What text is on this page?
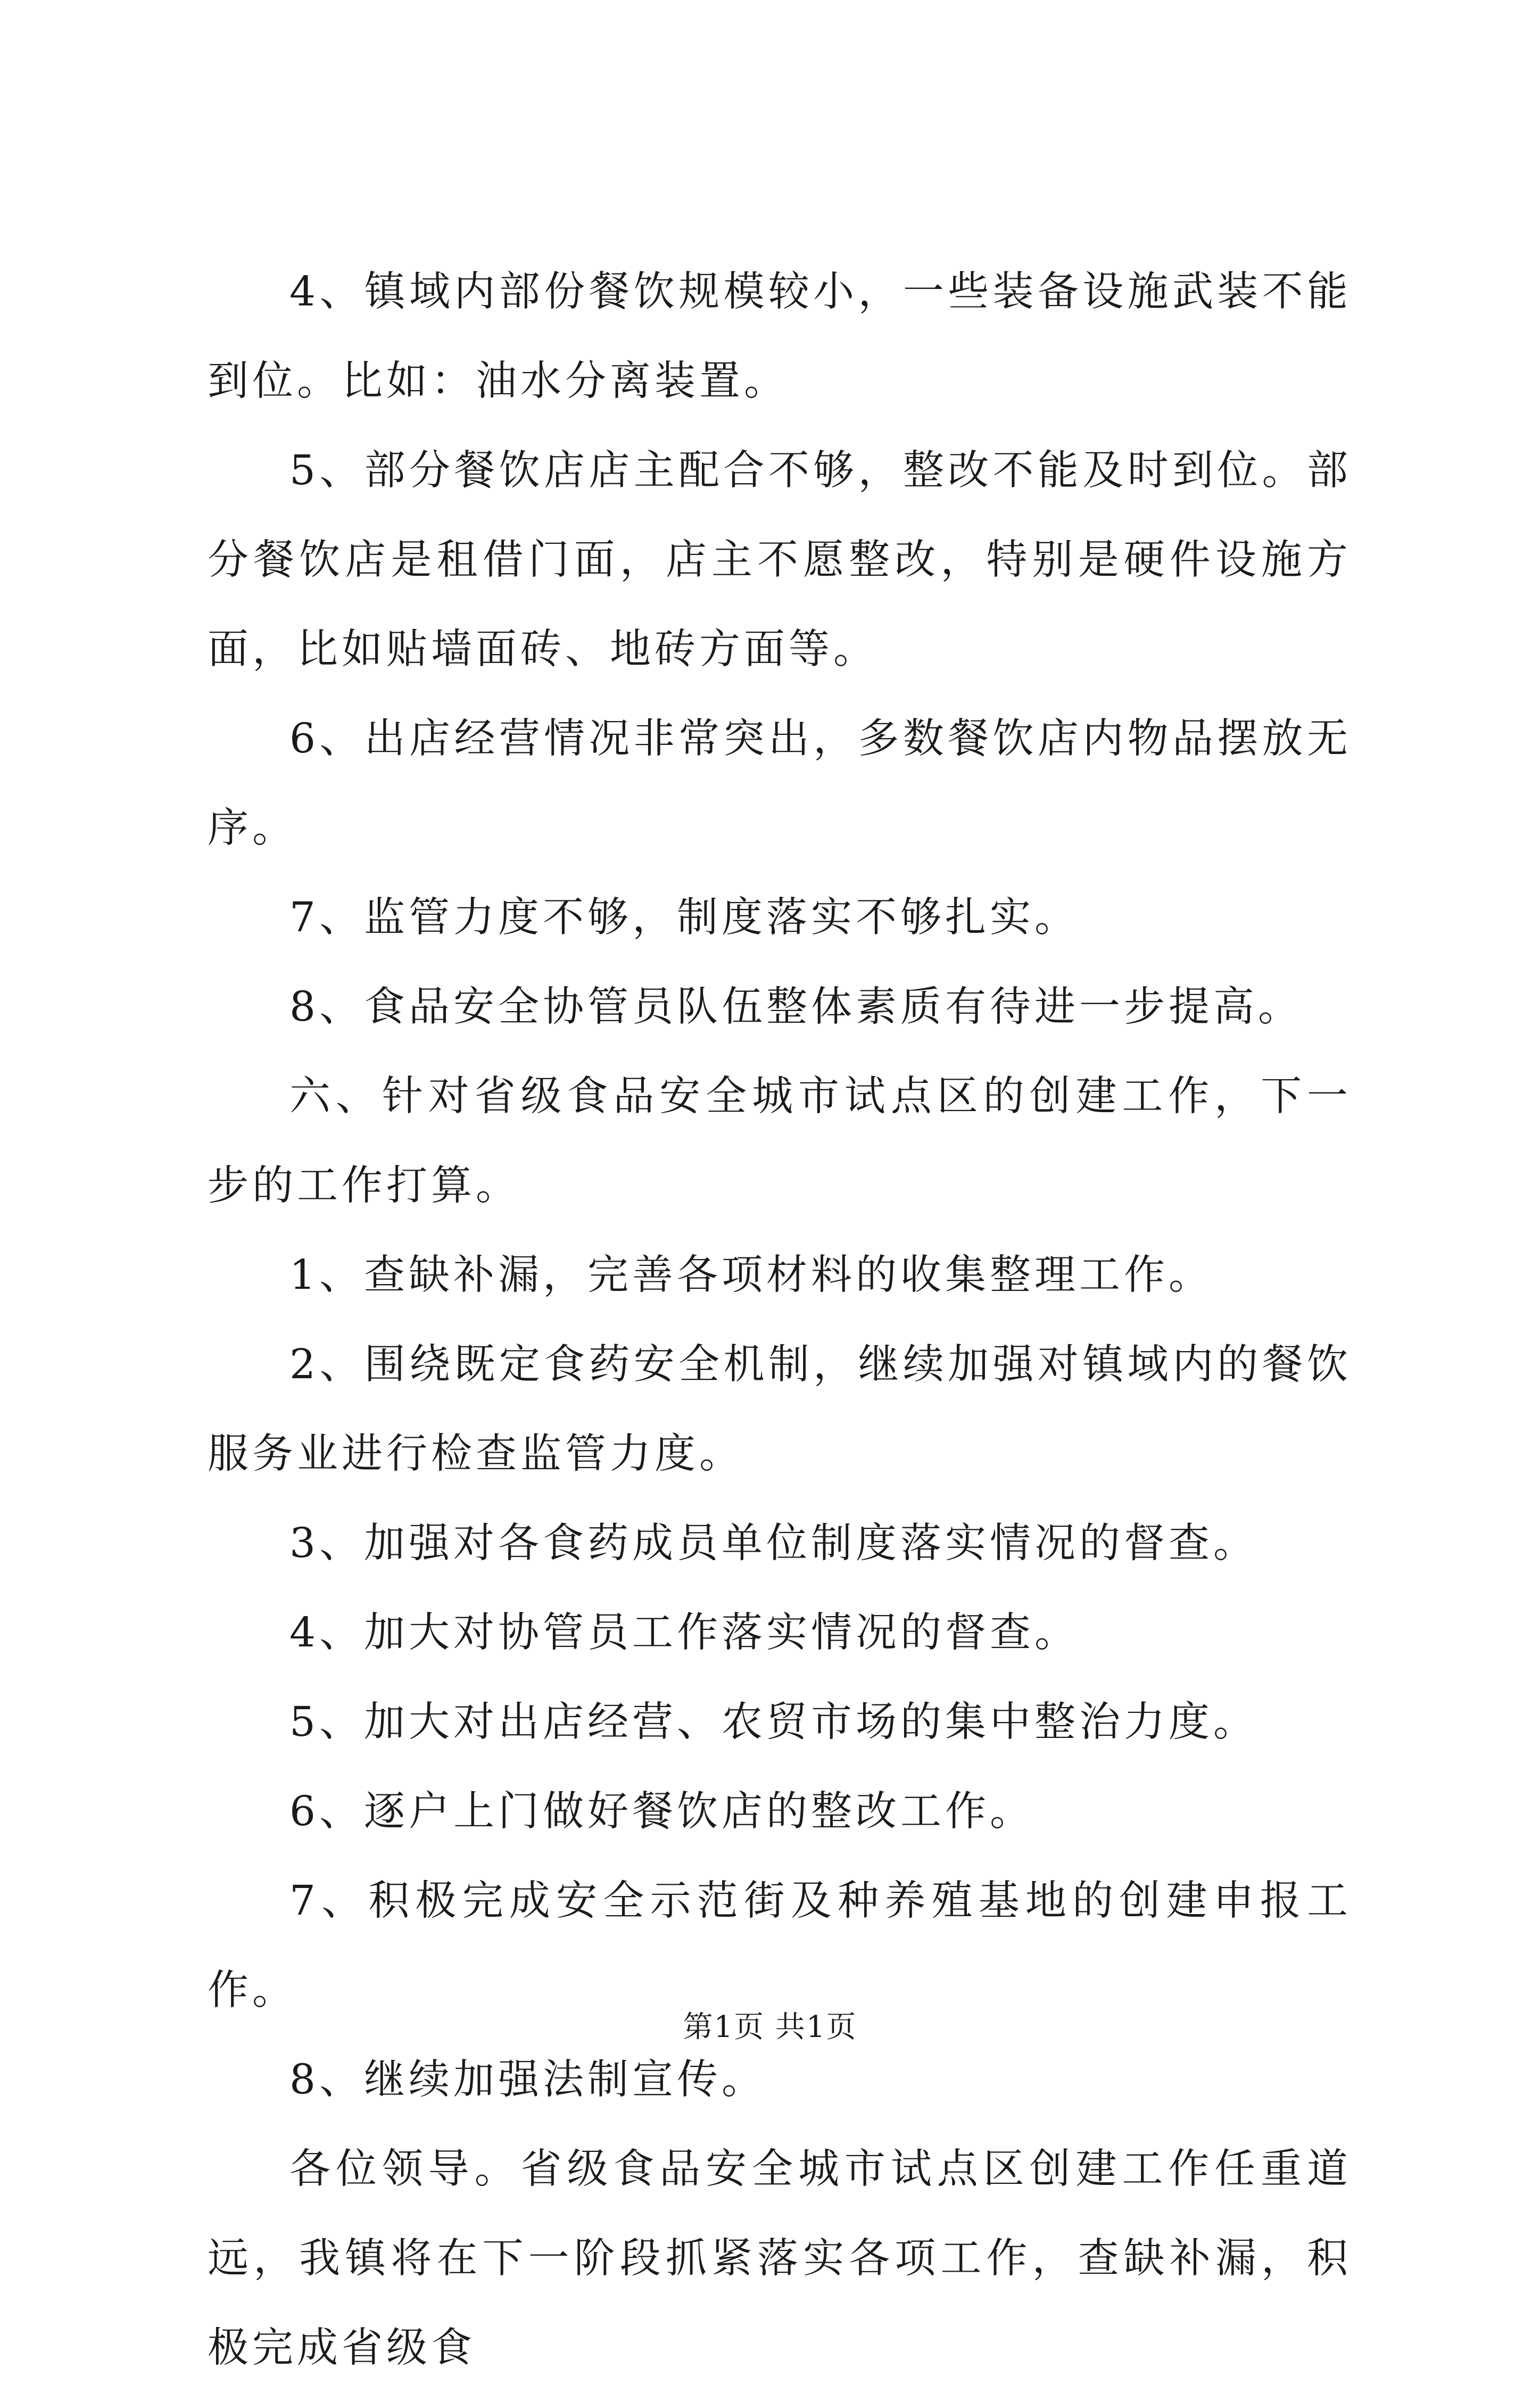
4、镇域内部份餐饮规模较小，一些装备设施武装不能到位。比如：油水分离装置。

5、部分餐饮店店主配合不够，整改不能及时到位。部分餐饮店是租借门面，店主不愿整改，特别是硬件设施方面，比如贴墙面砖、地砖方面等。

6、出店经营情况非常突出，多数餐饮店内物品摆放无序。

7、监管力度不够，制度落实不够扎实。

8、食品安全协管员队伍整体素质有待进一步提高。

六、针对省级食品安全城市试点区的创建工作，下一步的工作打算。

1、查缺补漏，完善各项材料的收集整理工作。

2、围绕既定食药安全机制，继续加强对镇域内的餐饮服务业进行检查监管力度。

3、加强对各食药成员单位制度落实情况的督查。

4、加大对协管员工作落实情况的督查。

5、加大对出店经营、农贸市场的集中整治力度。

6、逐户上门做好餐饮店的整改工作。

7、积极完成安全示范街及种养殖基地的创建申报工作。

8、继续加强法制宣传。

各位领导。省级食品安全城市试点区创建工作任重道远，我镇将在下一阶段抓紧落实各项工作，查缺补漏，积极完成省级食

第1页 共1页
